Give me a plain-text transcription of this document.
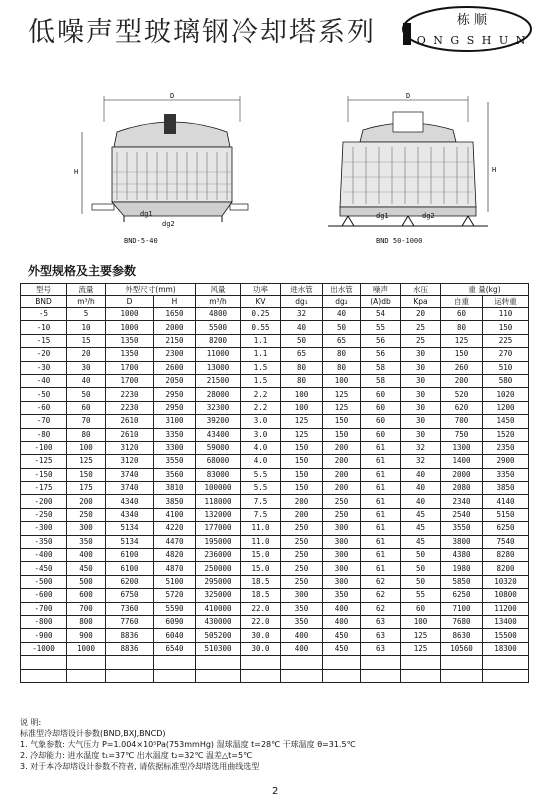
低噪声型玻璃钢冷却塔系列	栋 顺
O N G S H U N
D
H
dg2
dg1
BND-5-40
D
H
dg1	dg2
BND 50-1000
外型规格及主要参数
型号	流量	外型尺寸(mm)		风量	功率	进水管	出水管	噪声	水压	重 量(kg)	
BND	m³/h	D	H	m³/h	KV	dg₁	dg₂	(A)db	Kpa	自重	运转重
-5	5	1000	1650	4800	0.25	32	40	54	20	60	110
-10	10	1000	2000	5500	0.55	40	50	55	25	80	150
-15	15	1350	2150	8200	1.1	50	65	56	25	125	225
-20	20	1350	2300	11000	1.1	65	80	56	30	150	270
-30	30	1700	2600	13000	1.5	80	80	58	30	260	510
-40	40	1700	2050	21500	1.5	80	100	58	30	200	580
-50	50	2230	2950	28000	2.2	100	125	60	30	520	1020
-60	60	2230	2950	32300	2.2	100	125	60	30	620	1200
-70	70	2610	3100	39200	3.0	125	150	60	30	700	1450
-80	80	2610	3350	43400	3.0	125	150	60	30	750	1520
-100	100	3120	3300	59000	4.0	150	200	61	32	1300	2350
-125	125	3120	3550	68000	4.0	150	200	61	32	1400	2900
-150	150	3740	3560	83000	5.5	150	200	61	40	2000	3350
-175	175	3740	3810	100000	5.5	150	200	61	40	2080	3850
-200	200	4340	3850	118000	7.5	200	250	61	40	2340	4140
-250	250	4340	4100	132000	7.5	200	250	61	45	2540	5150
-300	300	5134	4220	177000	11.0	250	300	61	45	3550	6250
-350	350	5134	4470	195000	11.0	250	300	61	45	3800	7540
-400	400	6100	4820	236000	15.0	250	300	61	50	4380	8280
-450	450	6100	4870	250000	15.0	250	300	61	50	1980	8200
-500	500	6200	5100	295000	18.5	250	300	62	50	5850	10320
-600	600	6750	5720	325000	18.5	300	350	62	55	6250	10800
-700	700	7360	5590	410000	22.0	350	400	62	60	7100	11200
-800	800	7760	6090	430000	22.0	350	400	63	100	7680	13400
-900	900	8836	6040	505200	30.0	400	450	63	125	8630	15500
-1000	1000	8836	6540	510300	30.0	400	450	63	125	10560	18300

说 明:
标准型冷却塔设计参数(BND,BXJ,BNCD)
1. 气象参数: 大气压力 P=1.004×10⁵Pa(753mmHg) 湿球温度 t=28℃ 干球温度 θ=31.5℃
2. 冷却能力: 进水温度 t₁=37℃ 出水温度 t₂=32℃ 温差△t=5℃
3. 对于本冷却塔设计参数不符者, 请依据标准型冷却塔选用曲线选型
2
